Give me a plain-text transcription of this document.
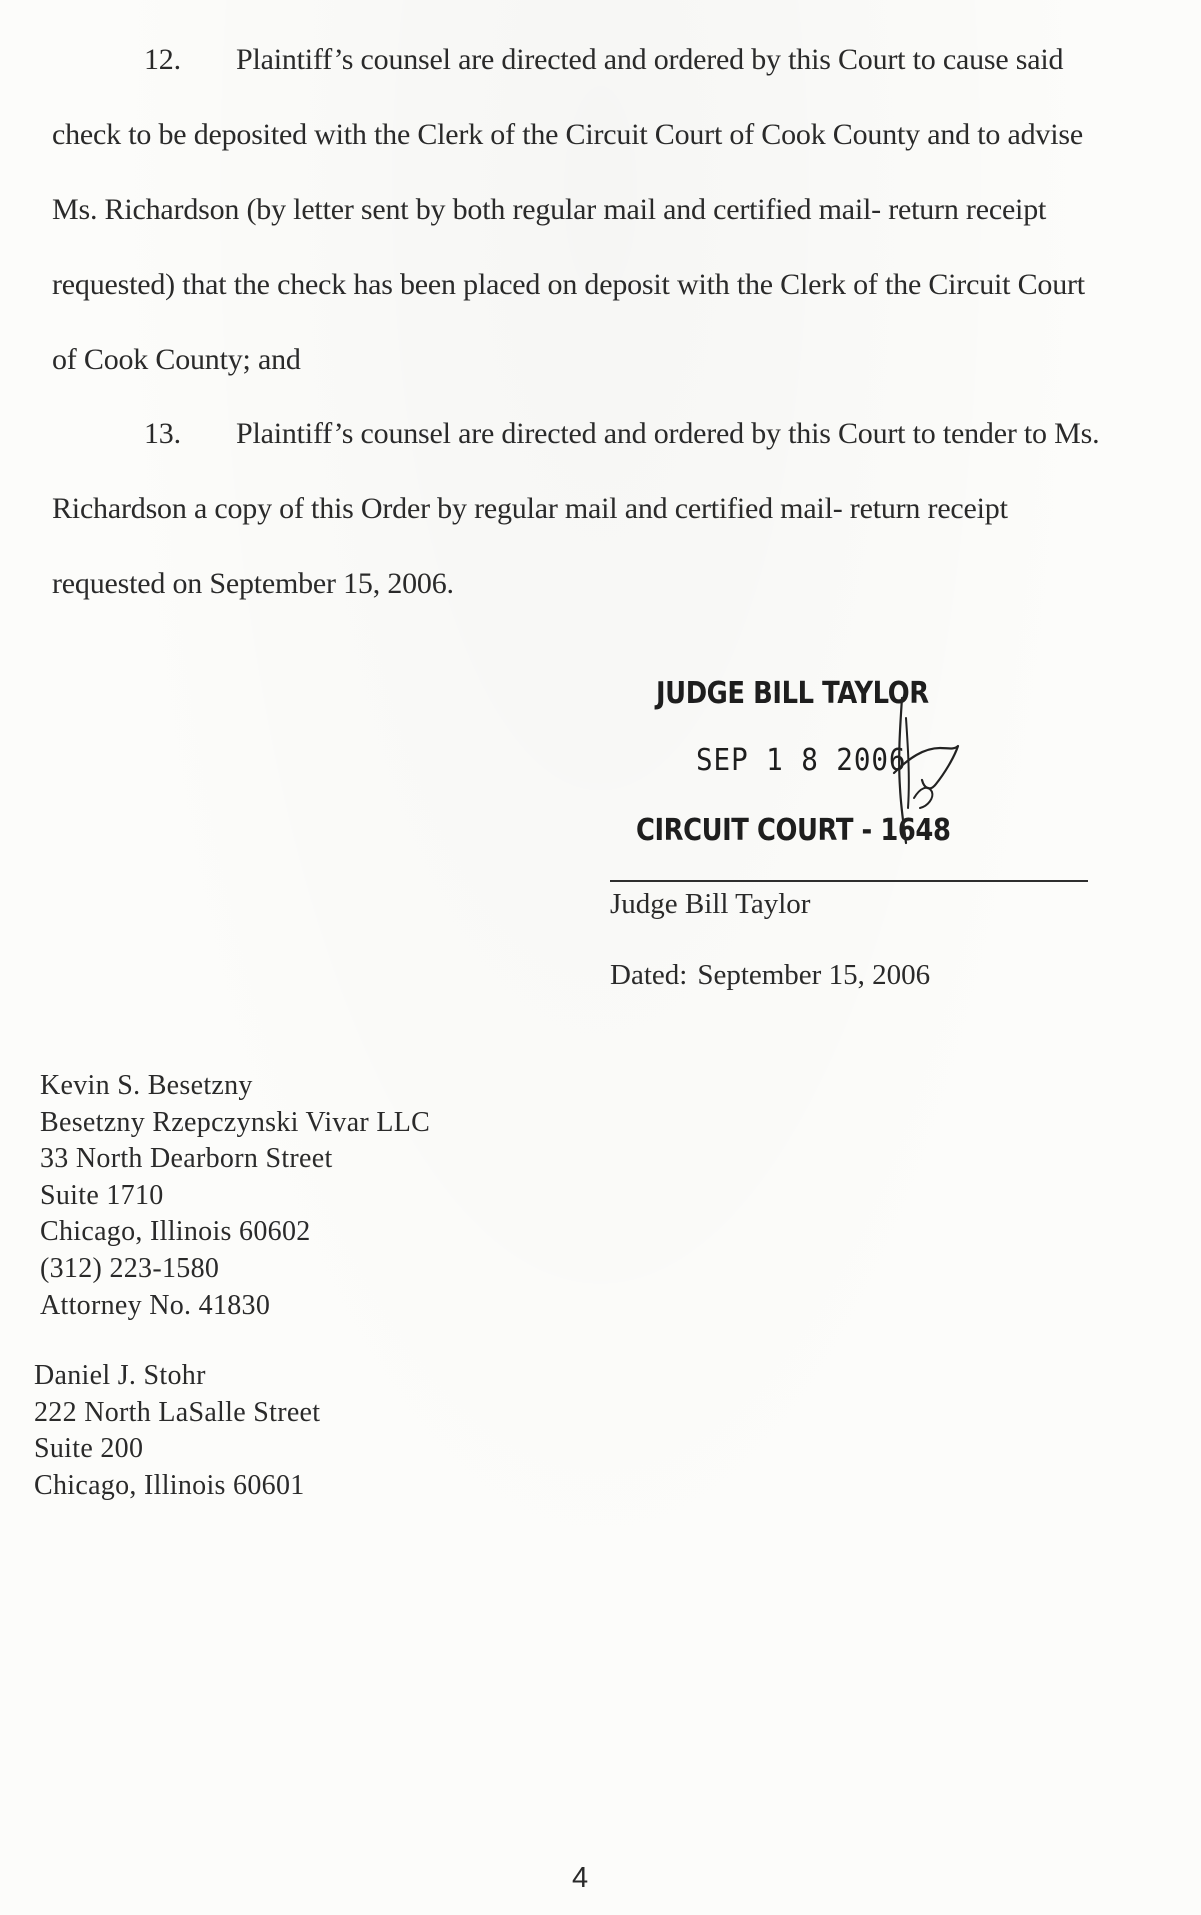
12. Plaintiff’s counsel are directed and ordered by this Court to cause said
check to be deposited with the Clerk of the Circuit Court of Cook County and to advise
Ms. Richardson (by letter sent by both regular mail and certified mail- return receipt
requested) that the check has been placed on deposit with the Clerk of the Circuit Court
of Cook County; and
13. Plaintiff’s counsel are directed and ordered by this Court to tender to Ms.
Richardson a copy of this Order by regular mail and certified mail- return receipt
requested on September 15, 2006.
JUDGE BILL TAYLOR
SEP 1 8 2006
CIRCUIT COURT - 1648
Judge Bill Taylor
Dated: September 15, 2006
Kevin S. Besetzny
Besetzny Rzepczynski Vivar LLC
33 North Dearborn Street
Suite 1710
Chicago, Illinois 60602
(312) 223-1580
Attorney No. 41830
Daniel J. Stohr
222 North LaSalle Street
Suite 200
Chicago, Illinois 60601
4
